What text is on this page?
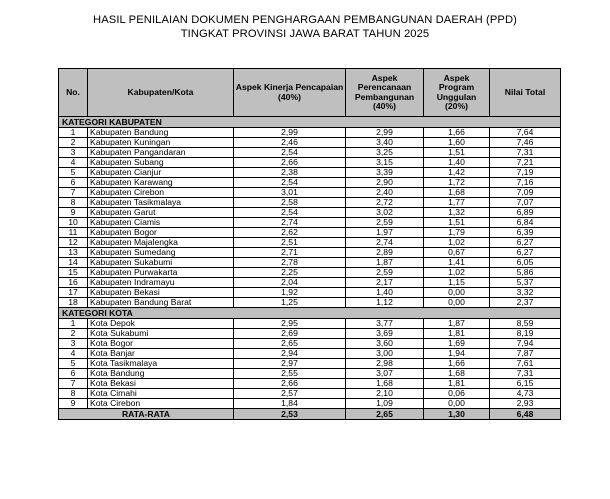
HASIL PENILAIAN DOKUMEN PENGHARGAAN PEMBANGUNAN DAERAH (PPD)
TINGKAT PROVINSI JAWA BARAT TAHUN 2025
No.	Kabupaten/Kota	Aspek Kinerja Pencapaian (40%)	Aspek Perencanaan Pembangunan (40%)	Aspek Program Unggulan (20%)	Nilai Total
KATEGORI KABUPATEN					
1	Kabupaten Bandung	2,99	2,99	1,66	7,64
2	Kabupaten Kuningan	2,46	3,40	1,60	7,46
3	Kabupaten Pangandaran	2,54	3,25	1,51	7,31
4	Kabupaten Subang	2,66	3,15	1,40	7,21
5	Kabupaten Cianjur	2,38	3,39	1,42	7,19
6	Kabupaten Karawang	2,54	2,90	1,72	7,16
7	Kabupaten Cirebon	3,01	2,40	1,68	7,09
8	Kabupaten Tasikmalaya	2,58	2,72	1,77	7,07
9	Kabupaten Garut	2,54	3,02	1,32	6,89
10	Kabupaten Ciamis	2,74	2,59	1,51	6,84
11	Kabupaten Bogor	2,62	1,97	1,79	6,39
12	Kabupaten Majalengka	2,51	2,74	1,02	6,27
13	Kabupaten Sumedang	2,71	2,89	0,67	6,27
14	Kabupaten Sukabumi	2,78	1,87	1,41	6,05
15	Kabupaten Purwakarta	2,25	2,59	1,02	5,86
16	Kabupaten Indramayu	2,04	2,17	1,15	5,37
17	Kabupaten Bekasi	1,92	1,40	0,00	3,32
18	Kabupaten Bandung Barat	1,25	1,12	0,00	2,37
KATEGORI KOTA					
1	Kota Depok	2,95	3,77	1,87	8,59
2	Kota Sukabumi	2,69	3,69	1,81	8,19
3	Kota Bogor	2,65	3,60	1,69	7,94
4	Kota Banjar	2,94	3,00	1,94	7,87
5	Kota Tasikmalaya	2,97	2,98	1,66	7,61
6	Kota Bandung	2,55	3,07	1,68	7,31
7	Kota Bekasi	2,66	1,68	1,81	6,15
8	Kota Cimahi	2,57	2,10	0,06	4,73
9	Kota Cirebon	1,84	1,09	0,00	2,93
RATA-RATA		2,53	2,65	1,30	6,48
